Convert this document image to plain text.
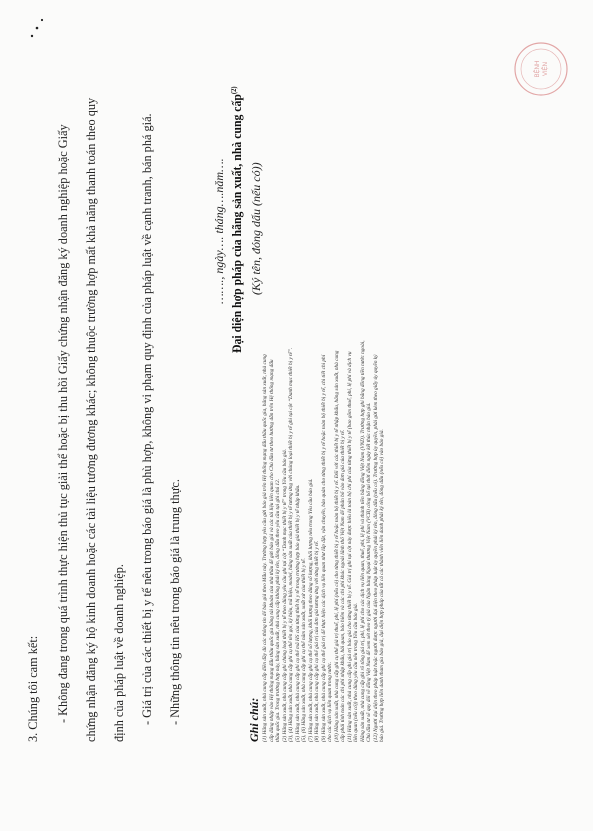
BỆNH VIỆN
3. Chúng tôi cam kết: - Không đang trong quá trình thực hiện thủ tục giải thể hoặc bị thu hồi Giấy chứng nhận đăng ký doanh nghiệp hoặc Giấy chứng nhận đăng ký hộ kinh doanh hoặc các tài liệu tương đương khác; không thuộc trường hợp mất khả năng thanh toán theo quy định của pháp luật về doanh nghiệp. - Giá trị của các thiết bị y tế nêu trong báo giá là phù hợp, không vi phạm quy định của pháp luật về cạnh tranh, bán phá giá. - Những thông tin nêu trong báo giá là trung thực.
……., ngày…. tháng….năm…. Đại diện hợp pháp của hãng sản xuất, nhà cung cấp$^{(2)}$
(Ký tên, đóng dấu (nếu có))
Ghi chú: (1) Hãng sản xuất, nhà cung cấp điền đầy đủ các thông tin để báo giá theo Mẫu này. Trường hợp yêu cầu gửi báo giá trên Hệ thống mạng đấu thầu quốc gia, hãng sản xuất, nhà cung cấp đăng nhập vào Hệ thống mạng đấu thầu quốc gia bằng tài khoản của nhà thầu để gửi báo giá và các tài liệu liên quan cho Chủ đầu tư theo hướng dẫn trên Hệ thống mạng đấu thầu quốc gia. Trong trường hợp này, hãng sản xuất, nhà cung cấp không phải ký tên, đóng dấu theo yêu cầu tại ghi chú 12. (2) Hãng sản xuất, nhà cung cấp ghi chủng loại thiết bị y tế theo đúng yêu cầu ghi tại cột “Danh mục thiết bị y tế” trong Yêu cầu báo giá. (3), (4) Hãng sản xuất, nhà cung cấp ghi cụ thể tên gọi, ký hiệu, mã hiệu, model, hãng sản xuất của thiết bị y tế tương ứng với chủng loại thiết bị y tế ghi tại cột “Danh mục thiết bị y tế”. (5) Hãng sản xuất, nhà cung cấp ghi cụ thể mã HS của từng thiết bị y tế trong trường hợp báo giá thiết bị y tế nhập khẩu. (5), (6) Hãng sản xuất, nhà cung cấp ghi cụ thể năm sản xuất, xuất xứ của thiết bị y tế. (7) Hãng sản xuất, nhà cung cấp ghi cụ thể số lượng, khối lượng theo đúng số lượng, khối lượng nêu trong Yêu cầu báo giá. (8) Hãng sản xuất, nhà cung cấp ghi cụ thể giá trị của đơn giá tương ứng với từng thiết bị y tế. (9) Hãng sản xuất, nhà cung cấp ghi cụ thể giá trị để thực hiện các dịch vụ liên quan như lắp đặt, vận chuyển, bảo quản cho từng thiết bị y tế hoặc toàn bộ thiết bị y tế, chi tiết chi phí cho các dịch vụ liên quan trong nước. (10) Hãng sản xuất, nhà cung cấp ghi cụ thể giá trị thuế, phí, lệ phí (nếu có) cho từng thiết bị y tế hoặc toàn bộ thiết bị y tế. Đối với các thiết bị y tế nhập khẩu, hãng sản xuất, nhà cung cấp phải tính toán các chi phí nhập khẩu, hải quan, bảo hiểm và các chi phí khác ngoài lãnh thổ Việt Nam để phân bổ vào đơn giá của thiết bị y tế. (11) Hãng sản xuất, nhà cung cấp ghi giá trị báo giá cho từng thiết bị y tế. Giá trị ghi tại cột này được hiểu là toàn bộ chi phí của từng thiết bị y tế (bao gồm thuế, phí, lệ phí và dịch vụ liên quan (nếu có)) theo đúng yêu cầu nêu trong Yêu cầu báo giá. Hãng sản xuất, nhà cung cấp ghi rõ tổng giá trị, phí, lệ phí cho các dịch vụ liên quan, thuế, phí, lệ phí và thành tiền bằng đồng Việt Nam (VND). Trường hợp ghi bằng đồng tiền nước ngoài, Chủ đầu tư sẽ quy đổi về đồng Việt Nam để xem xét theo tỷ giá của Ngân hàng Ngoại thương Việt Nam (VCB) công bố tại thời điểm ngày kết thúc nhận báo giá. (12) Người đại diện theo pháp luật hoặc người được người đại diện theo pháp luật ủy quyền phải ký tên, đóng dấu (nếu có). Trường hợp ủy quyền, phải gửi kèm theo giấy ủy quyền ký báo giá. Trường hợp liên danh tham gia báo giá, đại diện hợp pháp của tất cả các thành viên liên danh phải ký tên, đóng dấu (nếu có) vào báo giá.
